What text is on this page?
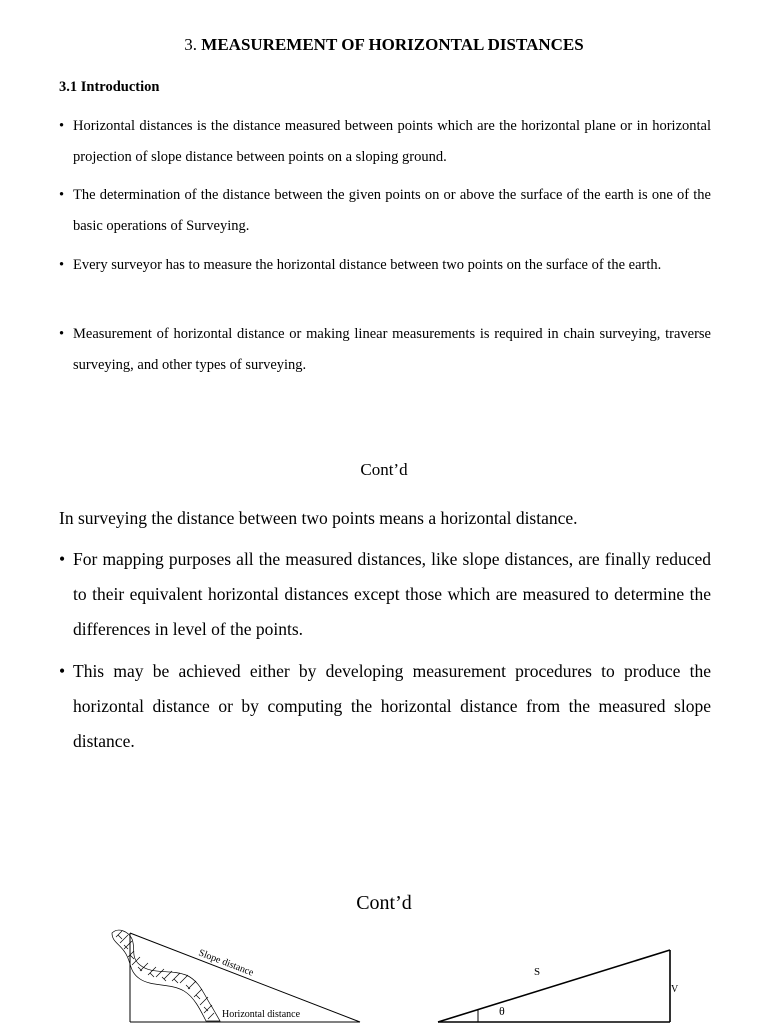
3. MEASUREMENT OF HORIZONTAL DISTANCES
3.1 Introduction
• Horizontal distances is the distance measured between points which are the horizontal plane or in horizontal projection of slope distance between points on a sloping ground.
• The determination of the distance between the given points on or above the surface of the earth is one of the basic operations of Surveying.
• Every surveyor has to measure the horizontal distance between two points on the surface of the earth.
• Measurement of horizontal distance or making linear measurements is required in chain surveying, traverse surveying, and other types of surveying.
Cont’d
In surveying the distance between two points means a horizontal distance.
• For mapping purposes all the measured distances, like slope distances, are finally reduced to their equivalent horizontal distances except those which are measured to determine the differences in level of the points.
• This may be achieved either by developing measurement procedures to produce the horizontal distance or by computing the horizontal distance from the measured slope distance.
Cont’d
Slope distance
Horizontal distance
S
θ
V
